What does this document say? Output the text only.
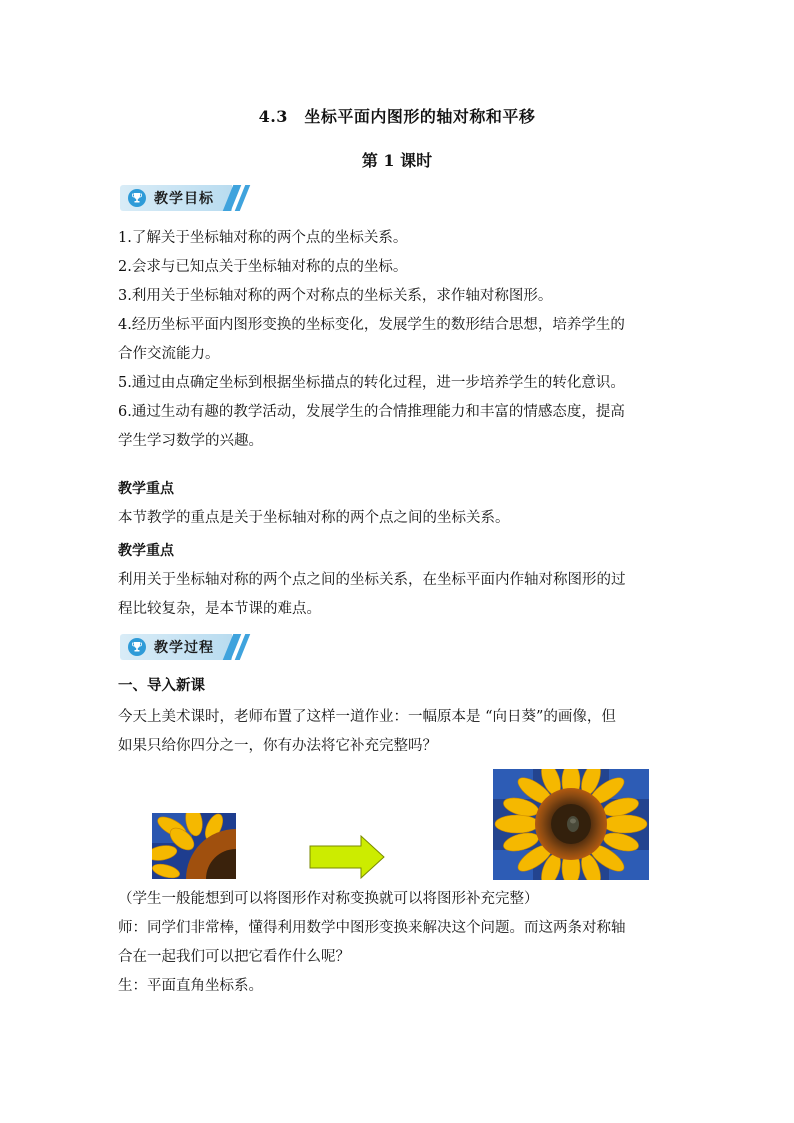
4.3　坐标平面内图形的轴对称和平移
第 1 课时
教学目标
1.了解关于坐标轴对称的两个点的坐标关系。
2.会求与已知点关于坐标轴对称的点的坐标。
3.利用关于坐标轴对称的两个对称点的坐标关系，求作轴对称图形。
4.经历坐标平面内图形变换的坐标变化，发展学生的数形结合思想，培养学生的
合作交流能力。
5.通过由点确定坐标到根据坐标描点的转化过程，进一步培养学生的转化意识。
6.通过生动有趣的教学活动，发展学生的合情推理能力和丰富的情感态度，提高
学生学习数学的兴趣。
教学重点
本节教学的重点是关于坐标轴对称的两个点之间的坐标关系。
教学重点
利用关于坐标轴对称的两个点之间的坐标关系，在坐标平面内作轴对称图形的过
程比较复杂，是本节课的难点。
教学过程
一、导入新课
今天上美术课时，老师布置了这样一道作业：一幅原本是 “向日葵”的画像，但
如果只给你四分之一，你有办法将它补充完整吗？
（学生一般能想到可以将图形作对称变换就可以将图形补充完整）
师：同学们非常棒，懂得利用数学中图形变换来解决这个问题。而这两条对称轴
合在一起我们可以把它看作什么呢？
生：平面直角坐标系。
